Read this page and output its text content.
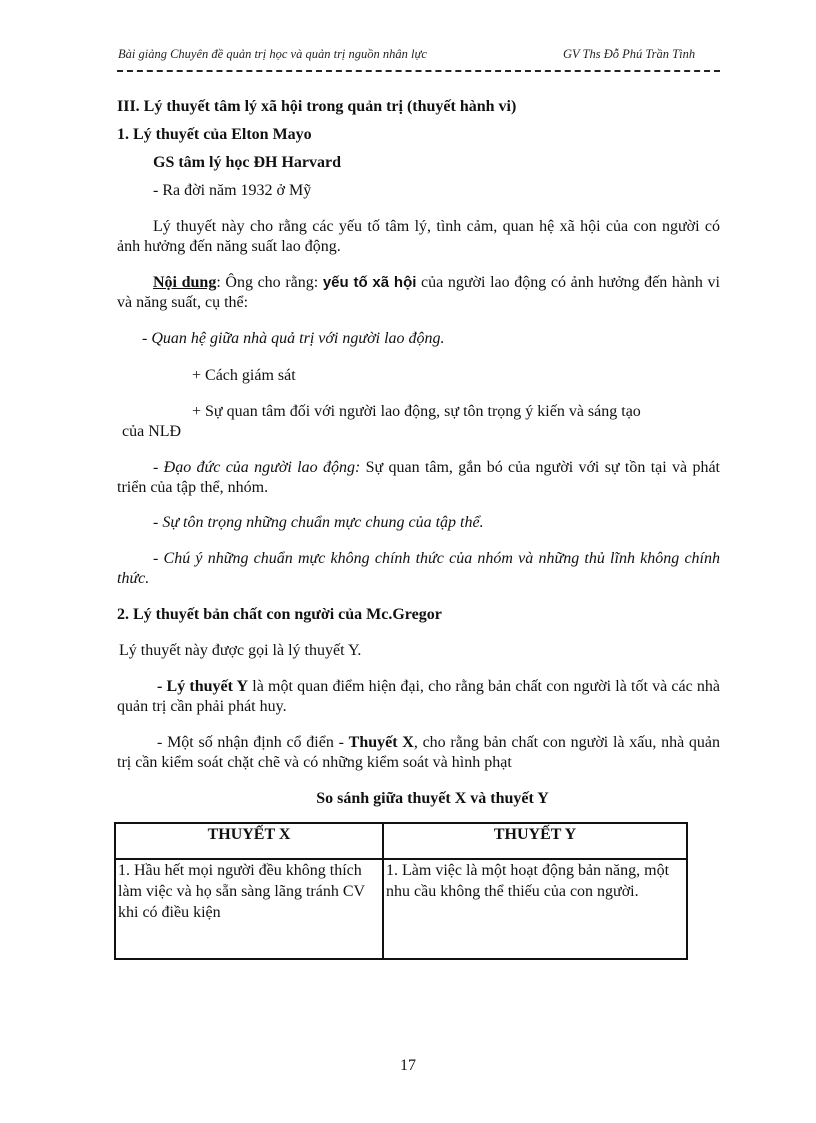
Bài giảng Chuyên đề quản trị học và quản trị nguồn nhân lực	GV Ths Đỗ Phú Trần Tình

III. Lý thuyết tâm lý xã hội trong quản trị (thuyết hành vi)

1. Lý thuyết của Elton Mayo

GS tâm lý học ĐH Harvard

- Ra đời năm 1932 ở Mỹ

Lý thuyết này cho rằng các yếu tố tâm lý, tình cảm, quan hệ xã hội của con người có ảnh hưởng đến năng suất lao động.

Nội dung: Ông cho rằng: yếu tố xã hội của người lao động có ảnh hưởng đến hành vi và năng suất, cụ thể:

- Quan hệ giữa nhà quả trị với người lao động.

+ Cách giám sát

+ Sự quan tâm đối với người lao động, sự tôn trọng ý kiến và sáng tạo

của NLĐ

- Đạo đức của người lao động: Sự quan tâm, gắn bó của người với sự tồn tại và phát triển của tập thể, nhóm.

- Sự tôn trọng những chuẩn mực chung của tập thể.

- Chú ý những chuẩn mực không chính thức của nhóm và những thủ lĩnh không chính thức.

2. Lý thuyết bản chất con người của Mc.Gregor

Lý thuyết này được gọi là lý thuyết Y.

- Lý thuyết Y là một quan điểm hiện đại, cho rằng bản chất con người là tốt và các nhà quản trị cần phải phát huy.

- Một số nhận định cổ điển - Thuyết X, cho rằng bản chất con người là xấu, nhà quản trị cần kiểm soát chặt chẽ và có những kiểm soát và hình phạt

So sánh giữa thuyết X và thuyết Y

THUYẾT X	THUYẾT Y
1. Hầu hết mọi người đều không thích làm việc và họ sẵn sàng lãng tránh CV khi có điều kiện	1. Làm việc là một hoạt động bản năng, một nhu cầu không thể thiếu của con người.
17
